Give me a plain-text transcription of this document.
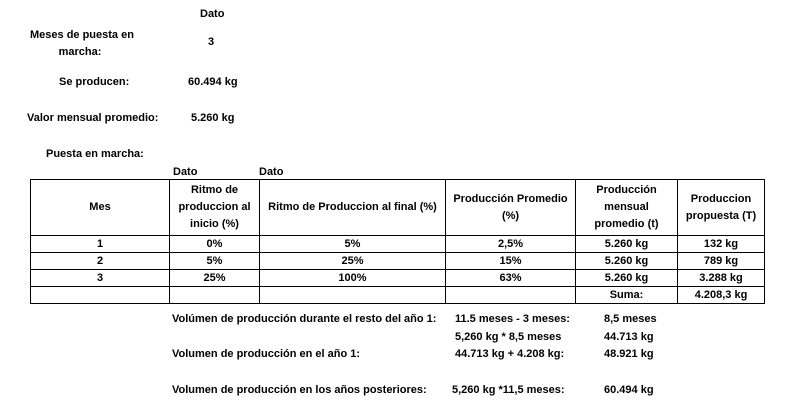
Dato
Meses de puesta en
marcha:
3
Se producen:	60.494 kg
Valor mensual promedio:	5.260 kg
Puesta en marcha:
Dato	Dato
Mes	Ritmo de produccion al inicio (%)	Ritmo de Produccion al final (%)	Producción Promedio (%)	Producción mensual promedio (t)	Produccion propuesta (T)
1	0%	5%	2,5%	5.260 kg	132 kg
2	5%	25%	15%	5.260 kg	789 kg
3	25%	100%	63%	5.260 kg	3.288 kg
				Suma:	4.208,3 kg
Volúmen de producción durante el resto del año 1: 11.5 meses - 3 meses:	8,5 meses
5,260 kg * 8,5 meses	44.713 kg
Volumen de producción en el año 1:	44.713 kg + 4.208 kg:	48.921 kg
Volumen de producción en los años posteriores: 5,260 kg *11,5 meses:	60.494 kg
